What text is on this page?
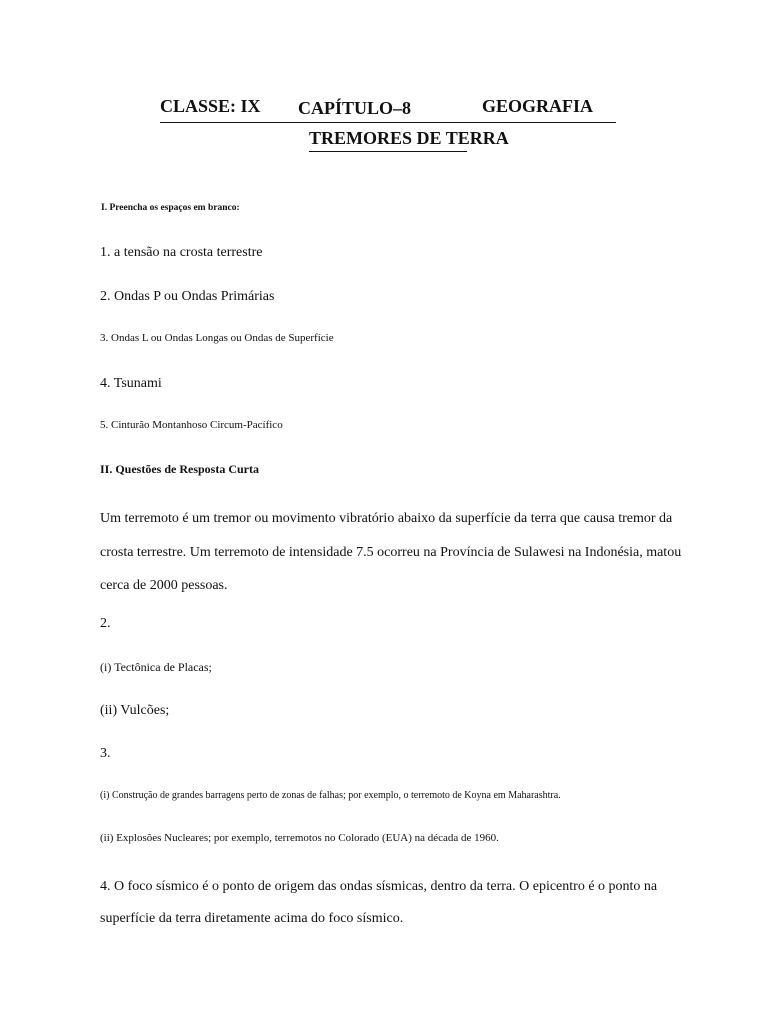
CLASSE: IX CAPÍTULO–8	GEOGRAFIA
TREMORES DE TERRA
I. Preencha os espaços em branco:
1. a tensão na crosta terrestre
2. Ondas P ou Ondas Primárias
3. Ondas L ou Ondas Longas ou Ondas de Superfície
4. Tsunami
5. Cinturão Montanhoso Circum-Pacífico
II. Questões de Resposta Curta
Um terremoto é um tremor ou movimento vibratório abaixo da superfície da terra que causa tremor da crosta terrestre. Um terremoto de intensidade 7.5 ocorreu na Província de Sulawesi na Indonésia, matou cerca de 2000 pessoas.
2.
(i) Tectônica de Placas;
(ii) Vulcões;
3.
(i) Construção de grandes barragens perto de zonas de falhas; por exemplo, o terremoto de Koyna em Maharashtra.
(ii) Explosões Nucleares; por exemplo, terremotos no Colorado (EUA) na década de 1960.
4. O foco sísmico é o ponto de origem das ondas sísmicas, dentro da terra. O epicentro é o ponto na superfície da terra diretamente acima do foco sísmico.
